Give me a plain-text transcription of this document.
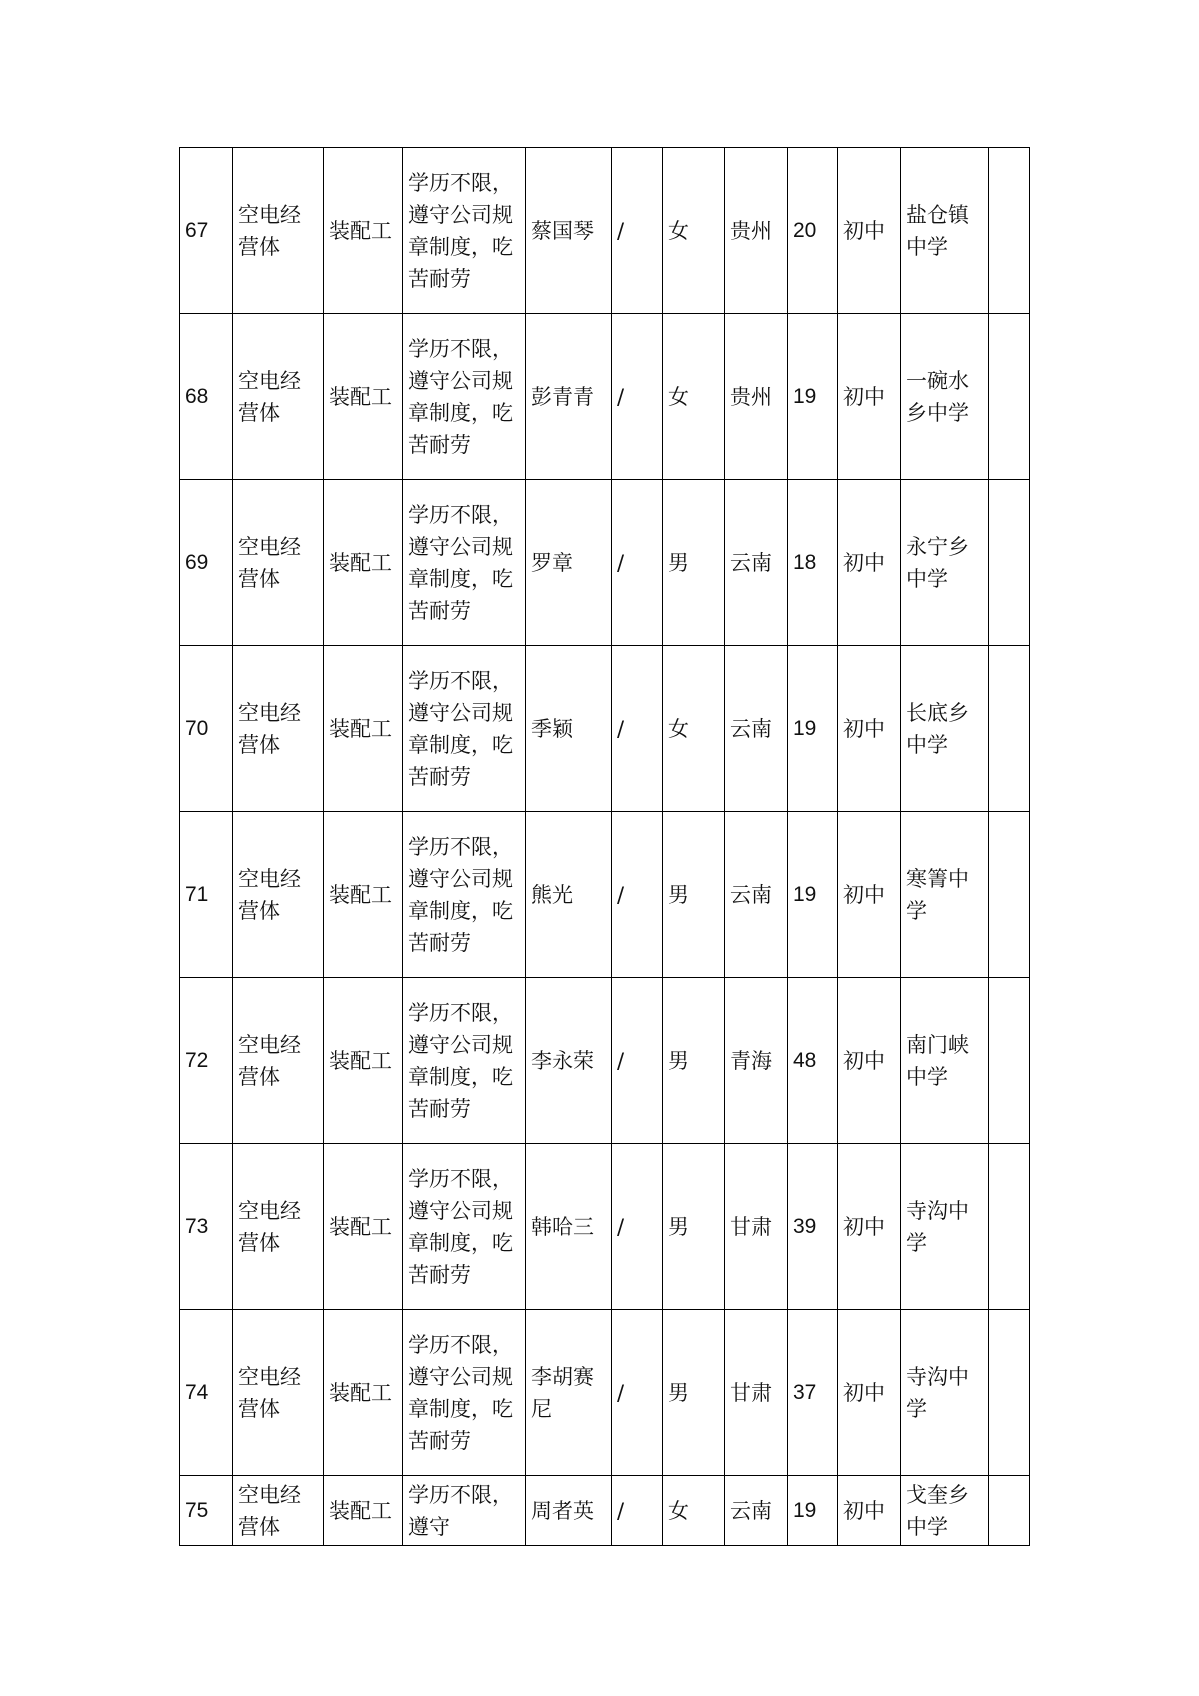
67	空电经营体	装配工	学历不限，遵守公司规章制度，吃苦耐劳	蔡国琴	/	女	贵州	20	初中	盐仓镇中学	
68	空电经营体	装配工	学历不限，遵守公司规章制度，吃苦耐劳	彭青青	/	女	贵州	19	初中	一碗水乡中学	
69	空电经营体	装配工	学历不限，遵守公司规章制度，吃苦耐劳	罗章	/	男	云南	18	初中	永宁乡中学	
70	空电经营体	装配工	学历不限，遵守公司规章制度，吃苦耐劳	季颖	/	女	云南	19	初中	长底乡中学	
71	空电经营体	装配工	学历不限，遵守公司规章制度，吃苦耐劳	熊光	/	男	云南	19	初中	寒箐中学	
72	空电经营体	装配工	学历不限，遵守公司规章制度，吃苦耐劳	李永荣	/	男	青海	48	初中	南门峡中学	
73	空电经营体	装配工	学历不限，遵守公司规章制度，吃苦耐劳	韩哈三	/	男	甘肃	39	初中	寺沟中学	
74	空电经营体	装配工	学历不限，遵守公司规章制度，吃苦耐劳	李胡赛尼	/	男	甘肃	37	初中	寺沟中学	
75	空电经营体	装配工	学历不限，遵守	周者英	/	女	云南	19	初中	戈奎乡中学	
